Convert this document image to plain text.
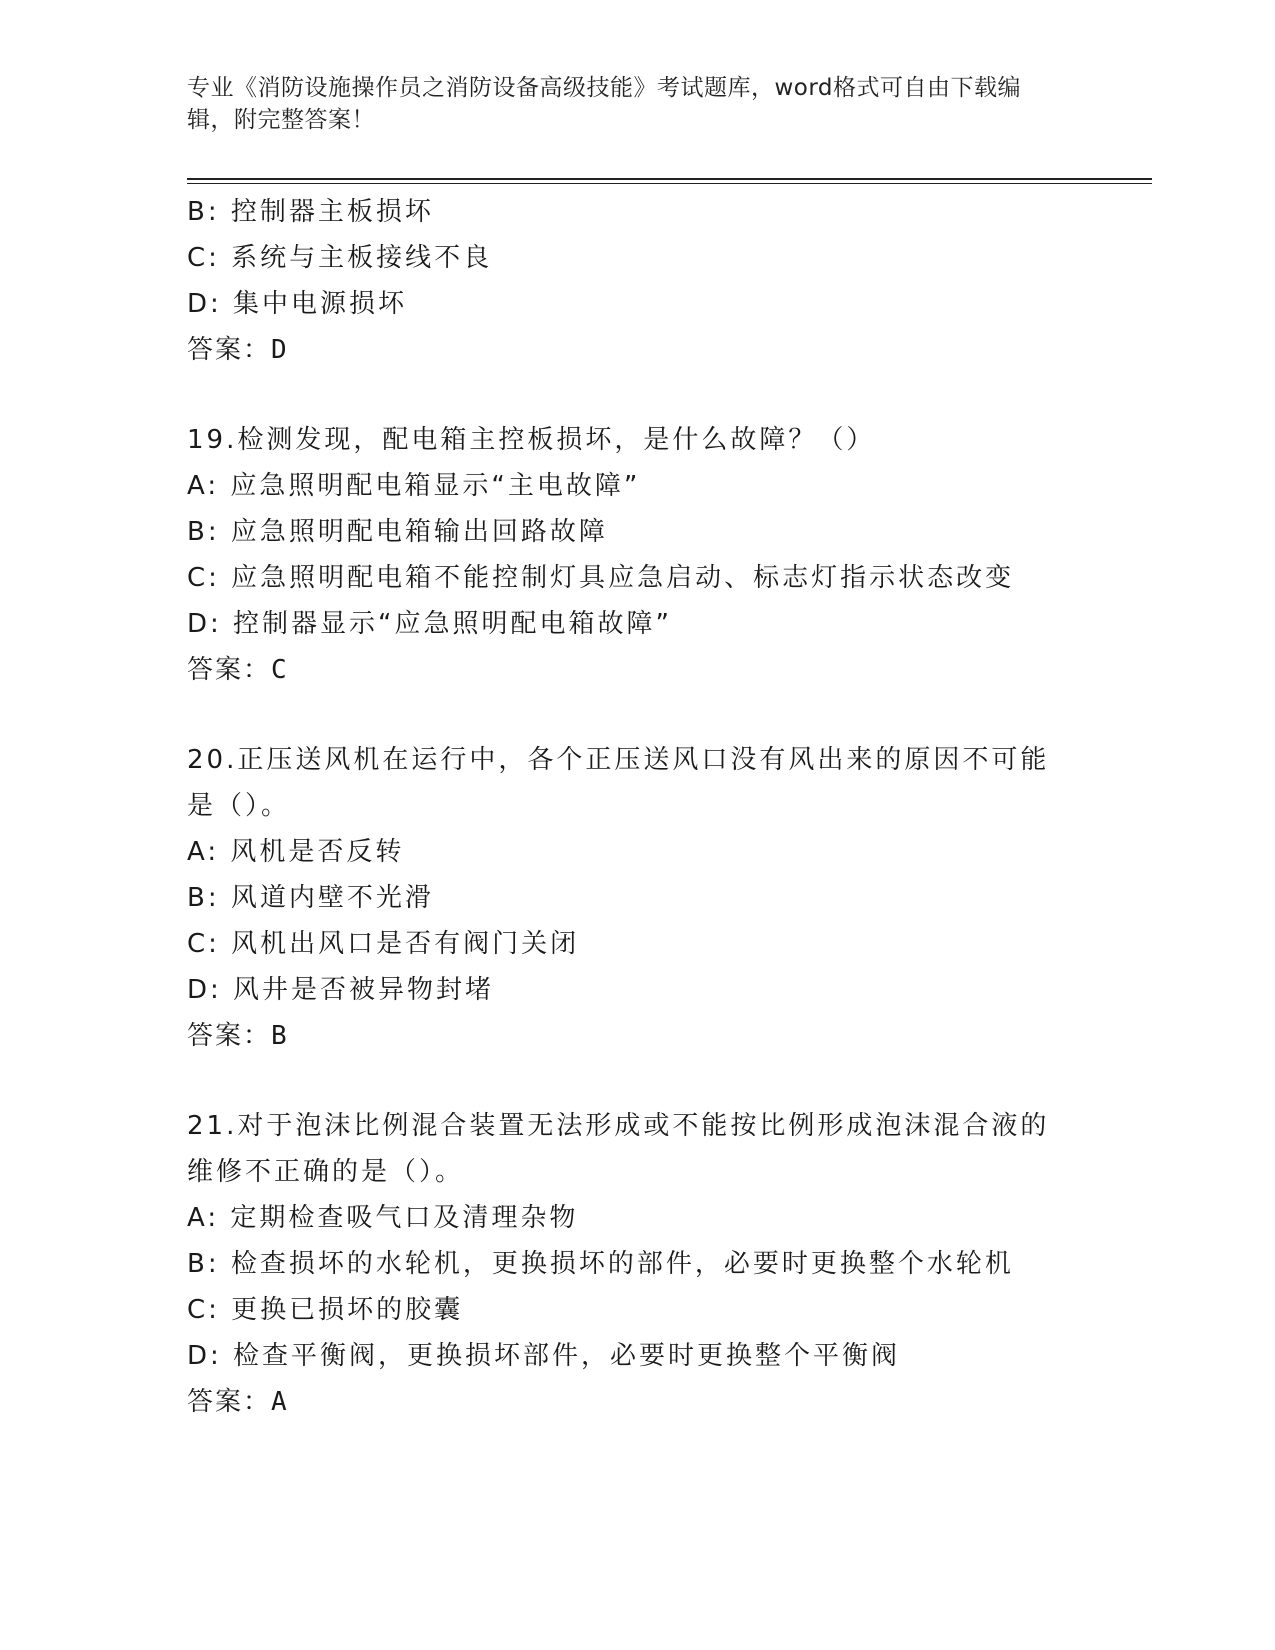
专业《消防设施操作员之消防设备高级技能》考试题库，word格式可自由下载编辑，附完整答案！
B: 控制器主板损坏
C: 系统与主板接线不良
D: 集中电源损坏
答案：D
19.检测发现，配电箱主控板损坏，是什么故障？（）
A: 应急照明配电箱显示“主电故障”
B: 应急照明配电箱输出回路故障
C: 应急照明配电箱不能控制灯具应急启动、标志灯指示状态改变
D: 控制器显示“应急照明配电箱故障”
答案：C
20.正压送风机在运行中，各个正压送风口没有风出来的原因不可能是（）。
A: 风机是否反转
B: 风道内壁不光滑
C: 风机出风口是否有阀门关闭
D: 风井是否被异物封堵
答案：B
21.对于泡沫比例混合装置无法形成或不能按比例形成泡沫混合液的维修不正确的是（）。
A: 定期检查吸气口及清理杂物
B: 检查损坏的水轮机，更换损坏的部件，必要时更换整个水轮机
C: 更换已损坏的胶囊
D: 检查平衡阀，更换损坏部件，必要时更换整个平衡阀
答案：A
